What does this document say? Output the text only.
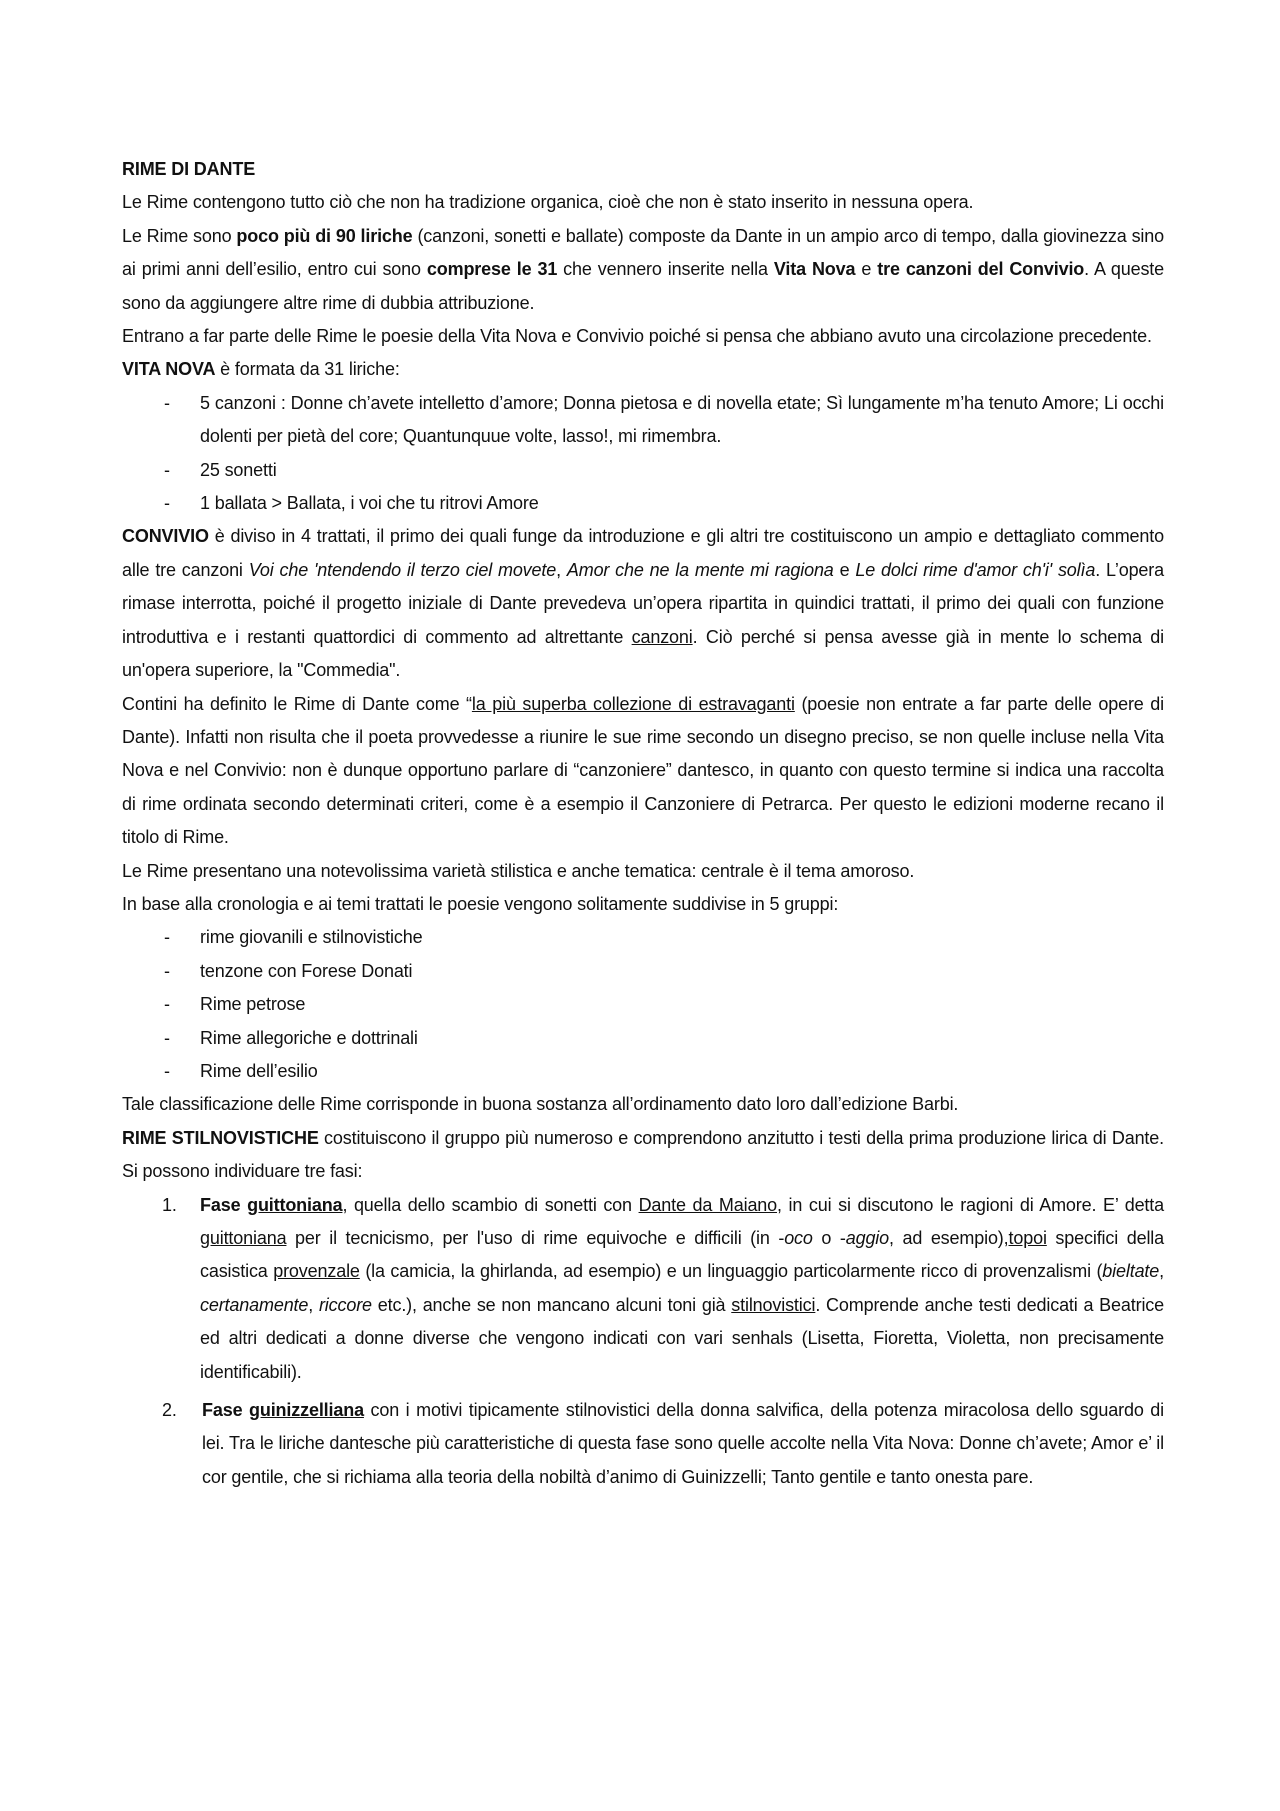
RIME DI DANTE

Le Rime contengono tutto ciò che non ha tradizione organica, cioè che non è stato inserito in nessuna opera.

Le Rime sono poco più di 90 liriche (canzoni, sonetti e ballate) composte da Dante in un ampio arco di tempo, dalla giovinezza sino ai primi anni dell’esilio, entro cui sono comprese le 31 che vennero inserite nella Vita Nova e tre canzoni del Convivio. A queste sono da aggiungere altre rime di dubbia attribuzione.

Entrano a far parte delle Rime le poesie della Vita Nova e Convivio poiché si pensa che abbiano avuto una circolazione precedente.

VITA NOVA è formata da 31 liriche:

- 5 canzoni : Donne ch’avete intelletto d’amore; Donna pietosa e di novella etate; Sì lungamente m’ha tenuto Amore; Li occhi dolenti per pietà del core; Quantunquue volte, lasso!, mi rimembra.
- 25 sonetti
- 1 ballata > Ballata, i voi che tu ritrovi Amore

CONVIVIO è diviso in 4 trattati, il primo dei quali funge da introduzione e gli altri tre costituiscono un ampio e dettagliato commento alle tre canzoni Voi che 'ntendendo il terzo ciel movete, Amor che ne la mente mi ragiona e Le dolci rime d'amor ch'i' solìa. L’opera rimase interrotta, poiché il progetto iniziale di Dante prevedeva un’opera ripartita in quindici trattati, il primo dei quali con funzione introduttiva e i restanti quattordici di commento ad altrettante canzoni. Ciò perché si pensa avesse già in mente lo schema di un'opera superiore, la "Commedia".

Contini ha definito le Rime di Dante come “la più superba collezione di estravaganti (poesie non entrate a far parte delle opere di Dante). Infatti non risulta che il poeta provvedesse a riunire le sue rime secondo un disegno preciso, se non quelle incluse nella Vita Nova e nel Convivio: non è dunque opportuno parlare di “canzoniere” dantesco, in quanto con questo termine si indica una raccolta di rime ordinata secondo determinati criteri, come è a esempio il Canzoniere di Petrarca. Per questo le edizioni moderne recano il titolo di Rime.

Le Rime presentano una notevolissima varietà stilistica e anche tematica: centrale è il tema amoroso.

In base alla cronologia e ai temi trattati le poesie vengono solitamente suddivise in 5 gruppi:

- rime giovanili e stilnovistiche
- tenzone con Forese Donati
- Rime petrose
- Rime allegoriche e dottrinali
- Rime dell’esilio

Tale classificazione delle Rime corrisponde in buona sostanza all’ordinamento dato loro dall’edizione Barbi.

RIME STILNOVISTICHE costituiscono il gruppo più numeroso e comprendono anzitutto i testi della prima produzione lirica di Dante. Si possono individuare tre fasi:

1. Fase guittoniana, quella dello scambio di sonetti con Dante da Maiano, in cui si discutono le ragioni di Amore. E’ detta guittoniana per il tecnicismo, per l'uso di rime equivoche e difficili (in -oco o -aggio, ad esempio),topoi specifici della casistica provenzale (la camicia, la ghirlanda, ad esempio) e un linguaggio particolarmente ricco di provenzalismi (bieltate, certanamente, riccore etc.), anche se non mancano alcuni toni già stilnovistici. Comprende anche testi dedicati a Beatrice ed altri dedicati a donne diverse che vengono indicati con vari senhals (Lisetta, Fioretta, Violetta, non precisamente identificabili).
2. Fase guinizzelliana con i motivi tipicamente stilnovistici della donna salvifica, della potenza miracolosa dello sguardo di lei. Tra le liriche dantesche più caratteristiche di questa fase sono quelle accolte nella Vita Nova: Donne ch’avete; Amor e’ il cor gentile, che si richiama alla teoria della nobiltà d’animo di Guinizzelli; Tanto gentile e tanto onesta pare.
